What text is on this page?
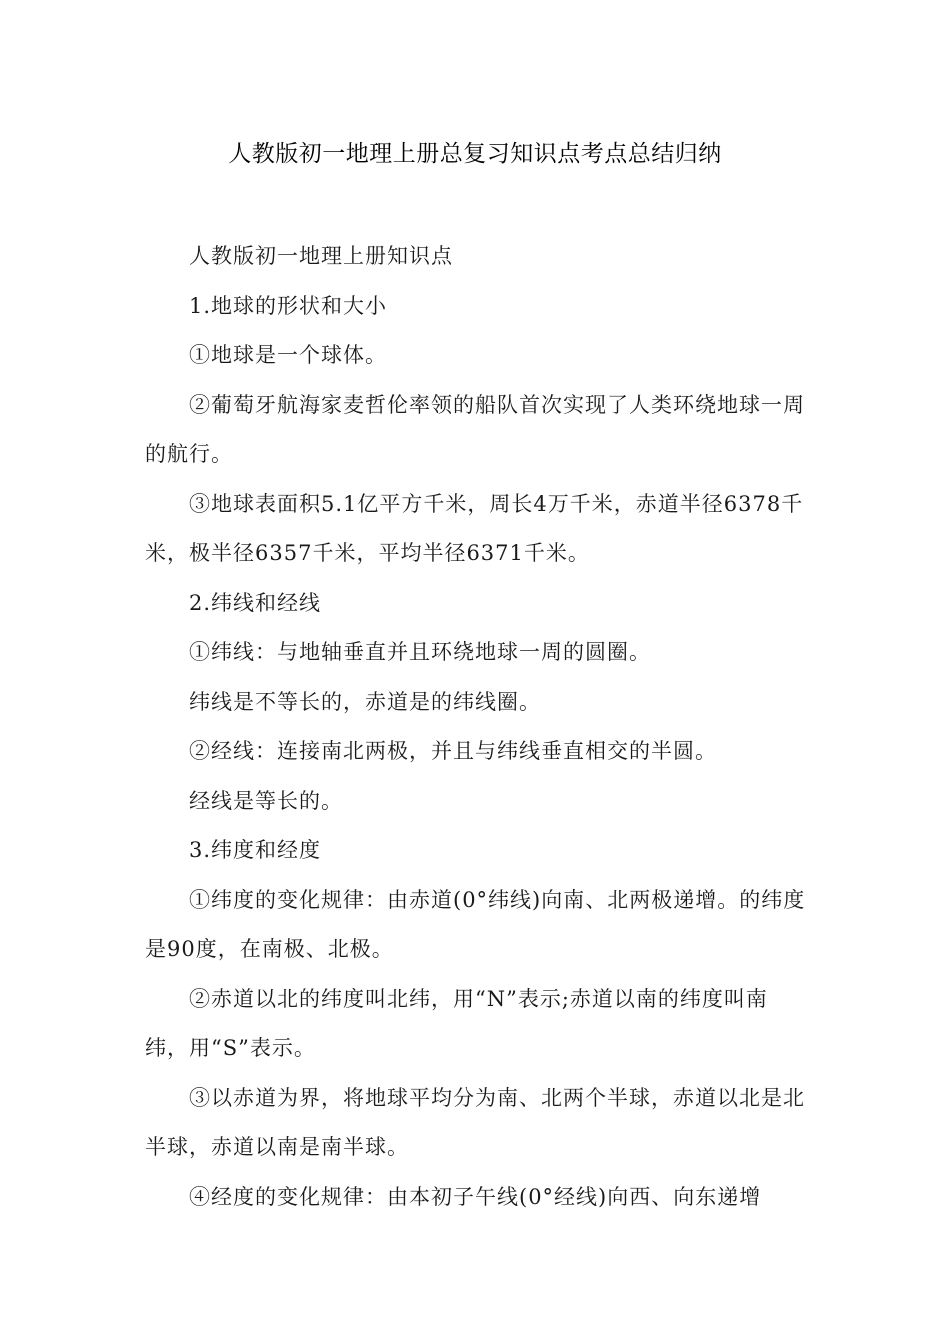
人教版初一地理上册总复习知识点考点总结归纳

人教版初一地理上册知识点

1.地球的形状和大小

①地球是一个球体。

②葡萄牙航海家麦哲伦率领的船队首次实现了人类环绕地球一周的航行。

③地球表面积5.1亿平方千米，周长4万千米，赤道半径6378千米，极半径6357千米，平均半径6371千米。

2.纬线和经线

①纬线：与地轴垂直并且环绕地球一周的圆圈。

纬线是不等长的，赤道是的纬线圈。

②经线：连接南北两极，并且与纬线垂直相交的半圆。

经线是等长的。

3.纬度和经度

①纬度的变化规律：由赤道(0°纬线)向南、北两极递增。的纬度是90度，在南极、北极。

②赤道以北的纬度叫北纬，用“N”表示;赤道以南的纬度叫南纬，用“S”表示。

③以赤道为界，将地球平均分为南、北两个半球，赤道以北是北半球，赤道以南是南半球。

④经度的变化规律：由本初子午线(0°经线)向西、向东递增
